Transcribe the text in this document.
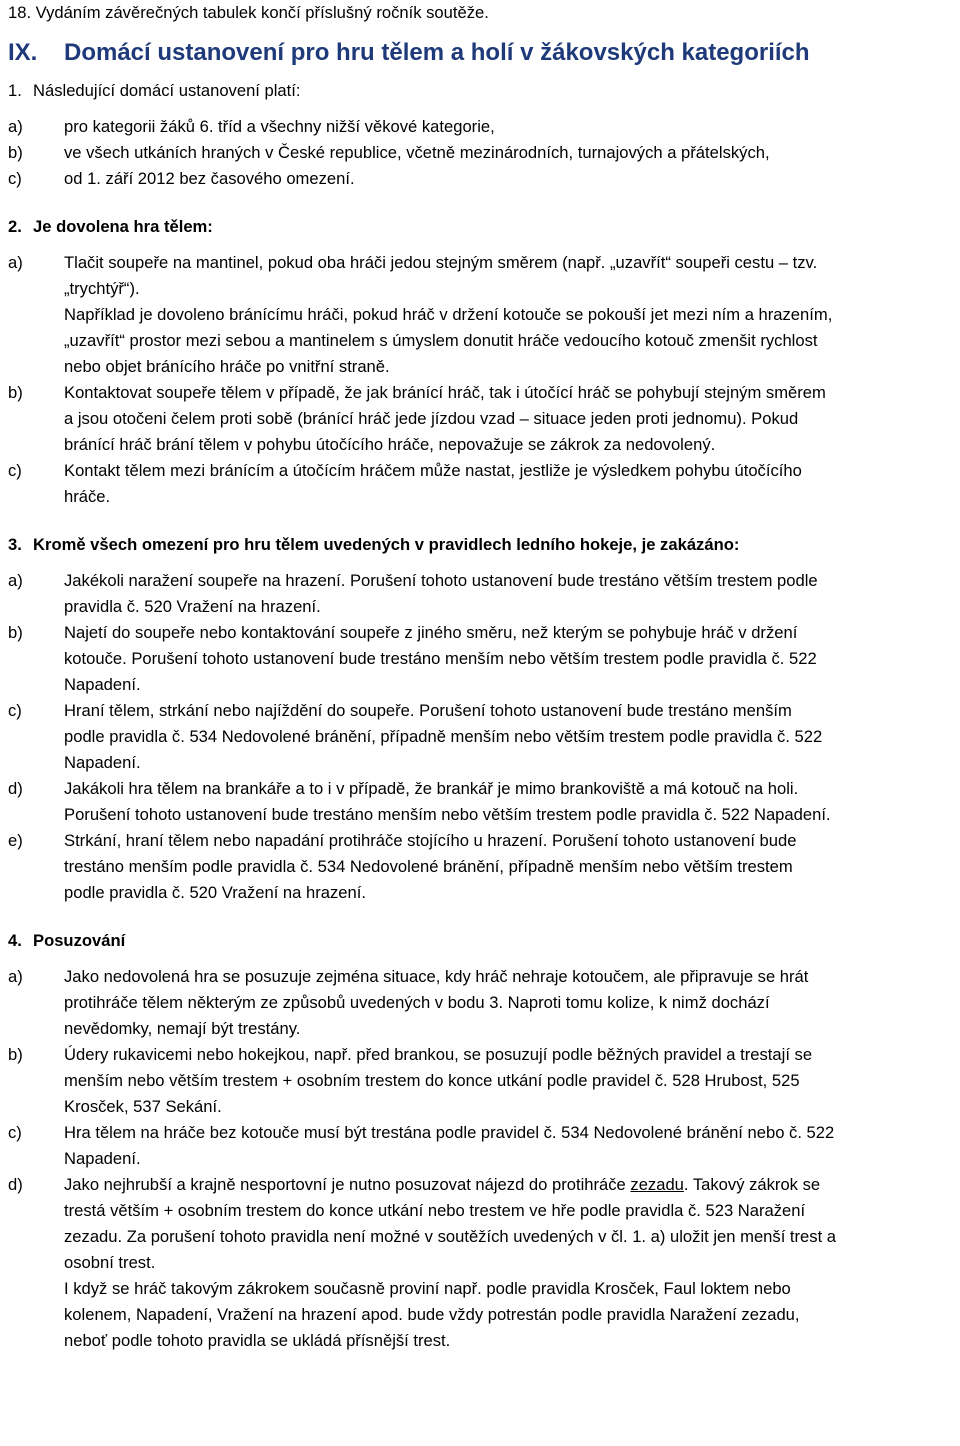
18. Vydáním závěrečných tabulek končí příslušný ročník soutěže.
IX. Domácí ustanovení pro hru tělem a holí v žákovských kategoriích
1. Následující domácí ustanovení platí:
a)	pro kategorii žáků 6. tříd a všechny nižší věkové kategorie,
b)	ve všech utkáních hraných v České republice, včetně mezinárodních, turnajových a přátelských,
c)	od 1. září 2012 bez časového omezení.
2. Je dovolena hra tělem:
a)	Tlačit soupeře na mantinel, pokud oba hráči jedou stejným směrem (např. „uzavřít“ soupeři cestu – tzv.
„trychtýř“).
Například je dovoleno bránícímu hráči, pokud hráč v držení kotouče se pokouší jet mezi ním a hrazením,
„uzavřít“ prostor mezi sebou a mantinelem s úmyslem donutit hráče vedoucího kotouč zmenšit rychlost
nebo objet bránícího hráče po vnitřní straně.
b)	Kontaktovat soupeře tělem v případě, že jak bránící hráč, tak i útočící hráč se pohybují stejným směrem
a jsou otočeni čelem proti sobě (bránící hráč jede jízdou vzad – situace jeden proti jednomu). Pokud
bránící hráč brání tělem v pohybu útočícího hráče, nepovažuje se zákrok za nedovolený.
c)	Kontakt tělem mezi bránícím a útočícím hráčem může nastat, jestliže je výsledkem pohybu útočícího
hráče.
3. Kromě všech omezení pro hru tělem uvedených v pravidlech ledního hokeje, je zakázáno:
a)	Jakékoli naražení soupeře na hrazení. Porušení tohoto ustanovení bude trestáno větším trestem podle
pravidla č. 520 Vražení na hrazení.
b)	Najetí do soupeře nebo kontaktování soupeře z jiného směru, než kterým se pohybuje hráč v držení
kotouče. Porušení tohoto ustanovení bude trestáno menším nebo větším trestem podle pravidla č. 522
Napadení.
c)	Hraní tělem, strkání nebo najíždění do soupeře. Porušení tohoto ustanovení bude trestáno menším
podle pravidla č. 534 Nedovolené bránění, případně menším nebo větším trestem podle pravidla č. 522
Napadení.
d)	Jakákoli hra tělem na brankáře a to i v případě, že brankář je mimo brankoviště a má kotouč na holi.
Porušení tohoto ustanovení bude trestáno menším nebo větším trestem podle pravidla č. 522 Napadení.
e)	Strkání, hraní tělem nebo napadání protihráče stojícího u hrazení. Porušení tohoto ustanovení bude
trestáno menším podle pravidla č. 534 Nedovolené bránění, případně menším nebo větším trestem
podle pravidla č. 520 Vražení na hrazení.
4. Posuzování
a)	Jako nedovolená hra se posuzuje zejména situace, kdy hráč nehraje kotoučem, ale připravuje se hrát
protihráče tělem některým ze způsobů uvedených v bodu 3. Naproti tomu kolize, k nimž dochází
nevědomky, nemají být trestány.
b)	Údery rukavicemi nebo hokejkou, např. před brankou, se posuzují podle běžných pravidel a trestají se
menším nebo větším trestem + osobním trestem do konce utkání podle pravidel č. 528 Hrubost, 525
Krosček, 537 Sekání.
c)	Hra tělem na hráče bez kotouče musí být trestána podle pravidel č. 534 Nedovolené bránění nebo č. 522
Napadení.
d)	Jako nejhrubší a krajně nesportovní je nutno posuzovat nájezd do protihráče zezadu. Takový zákrok se
trestá větším + osobním trestem do konce utkání nebo trestem ve hře podle pravidla č. 523 Naražení
zezadu. Za porušení tohoto pravidla není možné v soutěžích uvedených v čl. 1. a) uložit jen menší trest a
osobní trest.
I když se hráč takovým zákrokem současně proviní např. podle pravidla Krosček, Faul loktem nebo
kolenem, Napadení, Vražení na hrazení apod. bude vždy potrestán podle pravidla Naražení zezadu,
neboť podle tohoto pravidla se ukládá přísnější trest.
